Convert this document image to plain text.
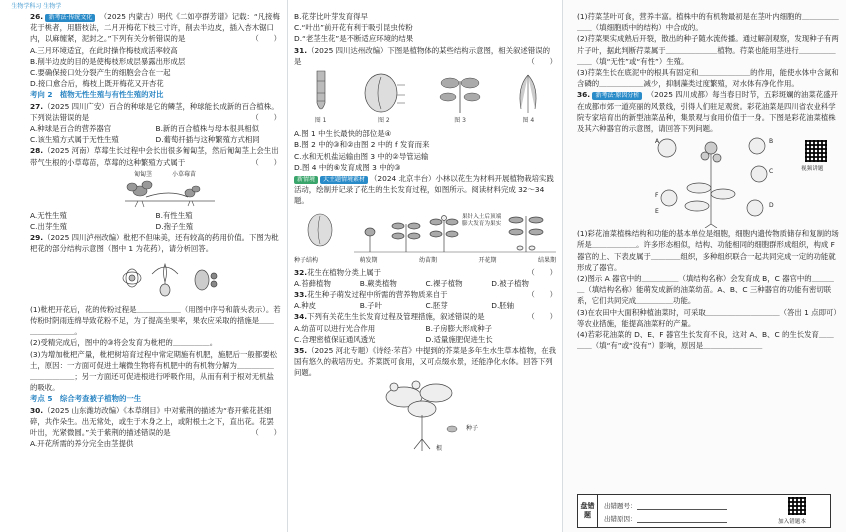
生物学科习 生物学

26. 新考法·传统文化 （2025 内蒙古）明代《二如亭群芳谱》记载：“凡接梅花于桃者，用腊枝法，二月开梅花下枝三寸许，削去半边皮，插入杏木锯口内，以麻缠紧，泥封之。”下列有关分析错误的是	（　　）

A.三月环境适宜，在此时操作梅枝成活率较高

B.削半边皮的目的是使梅枝形成层暴露出形成层

C.要确保接口处分裂产生的细胞会合在一起

D.接口愈合后，梅枝上既开梅花又开杏花

考向 2　植物无性生殖与有性生殖的对比

27.（2025 四川广安）百合的种球是它的鳞茎，种球能长成新的百合植株。下列说法错误的是	（　　）

A.种球是百合的营养器官	B.新的百合植株与母本很具相似
C.该生殖方式属于无性生殖	D.葡萄扦插与这种繁殖方式相同

28.（2025 河南）草莓生长过程中会长出很多匍匐茎，然后匍匐茎上会生出带气生根的小草莓苗，草莓的这种繁殖方式属于	（　　）

匍匐茎	小草莓苗
A.无性生殖	B.有性生殖
C.出芽生殖	D.孢子生殖

29.（2025 四川泸州改编）枇杷不但味美，还有较高的药用价值。下图为枇杷花的部分结构示意图（图中 1 为花药），请分析回答。

(1)枇杷开花后，花的传粉过程是＿＿＿＿＿＿（用图中序号和箭头表示）。若传粉时阴雨连绵导致花粉不足，为了提高坐果率，果农应采取的措施是＿＿＿＿＿＿＿＿。

(2)受精完成后，图中的③将会发育为枇杷的＿＿＿＿＿。

(3)为增加枇杷产量，枇杷树培育过程中常定期施有机肥，施肥后一般都要松土，原因：一方面可促进土壤微生物将有机肥中的有机物分解为＿＿＿＿＿＿＿＿＿＿＿；另一方面还可促进根进行呼吸作用，从而有利于根对无机盐的吸收。

考点 5　综合考查被子植物的一生

30.（2025 山东潍坊改编）《本草纲目》中对紫荆的描述为“春开紫花甚细碎，共作朵生。出无常处，或生于木身之上，或附根土之下，直出花。花罢叶出，光紧微圆。”关于紫荆的描述错误的是	（　　）

A.开花所需的养分完全由茎提供

B.花芽比叶芽发育得早

C.“叶出”前开花有利于吸引昆虫传粉

D.“老茎生花”是不断适应环境的结果

31.（2025 四川达州改编）下图是植物体的某些结构示意图，相关叙述错误的是	（　　）

图 1	图 2	图 3	图 4

A.图 1 中生长最快的部位是④

B.图 2 中的③和②由图 2 中的 f 发育而来

C.水和无机盐运输由图 3 中的②导管运输

D.图 4 中的⑥发育成图 3 中的③

新情境 大主题情境素材 （2024 北京丰台）小林以花生为材料开展植物栽培实践活动，绘制并记录了花生的生长发育过程，如图所示。阅读材料完成 32～34 题。

果针入土后顶端膨大发育为果实
种子结构	萌发期	幼苗期	开花期	结果期

32.花生在植物分类上属于	（　　）

A.苔藓植物	B.蕨类植物	C.裸子植物	D.被子植物

33.花生种子萌发过程中所需的营养物质来自于	（　　）

A.种皮	B.子叶	C.胚芽	D.胚轴

34.下列有关花生生长发育过程及管理措施，叙述错误的是	（　　）

A.幼苗可以进行光合作用	B.子房膨大形成种子
C.合理密植保证通风透光	D.适量施肥促进生长

35.（2025 河北专题）《诗经·芣苢》中提到的芥菜是多年生水生草本植物，在我国有悠久的栽培历史。芥菜既可食用，又可点缀水景，还能净化水体。回答下列问题。

种子
根

(1)荇菜茎叶可食，营养丰富。植株中的有机物最初是在茎叶内细胞的＿＿＿＿＿＿＿（填细胞质中的结构）中合成的。

(2)荇菜果实成熟后开裂，散出的种子随水流传播。通过解剖观察，发现种子有两片子叶，据此判断荇菜属于＿＿＿＿＿＿＿植物。荇菜也能用茎进行＿＿＿＿＿＿＿（填“无性”或“有性”）生殖。

(3)荇菜生长在底泥中的根具有固定和＿＿＿＿＿＿＿的作用，能使水体中含氮和含磷的＿＿＿＿＿＿减少，抑制藻类过度繁殖，对水体有净化作用。

36. 新考法·原因分析 （2025 四川成都）每当春日时节，五彩斑斓的油菜花盛开在成都市郊一道亮丽的风景线，引得人们驻足观赏。彩花油菜是四川省农业科学院专家培育出的新型油菜品种，集景观与食用价值于一身。下图是彩花油菜植株及其六种器官的示意图，请回答下列问题。

A	B
C
D
E
F
视频讲题

(1)彩花油菜植株结构和功能的基本单位是细胞，细胞内遗传物质储存和复制的场所是＿＿＿＿＿＿。许多形态相似，结构、功能相同的细胞群形成组织，构成 F 器官的上、下表皮属于＿＿＿＿组织，多种组织联合一起共同完成一定的功能就形成了器官。

(2)图示 A 器官中的＿＿＿＿＿（填结构名称）会发育成 B，C 器官中的＿＿＿＿（填结构名称）能萌发成新的油菜幼苗。A、B、C 三种器官的功能有密切联系，它们共同完成＿＿＿＿＿功能。

(3)在农田中大面积种植油菜时，可采取＿＿＿＿＿＿＿＿＿＿（答出 1 点即可）等农业措施，能提高油菜籽的产量。

(4)若彩花油菜的 D、E、F 器官生长发育不良，这对 A、B、C 的生长发育＿＿＿＿（填“有”或“没有”）影响，原因是＿＿＿＿＿＿＿＿

盘错题
出错题号：
出错原因：	加入错题本
